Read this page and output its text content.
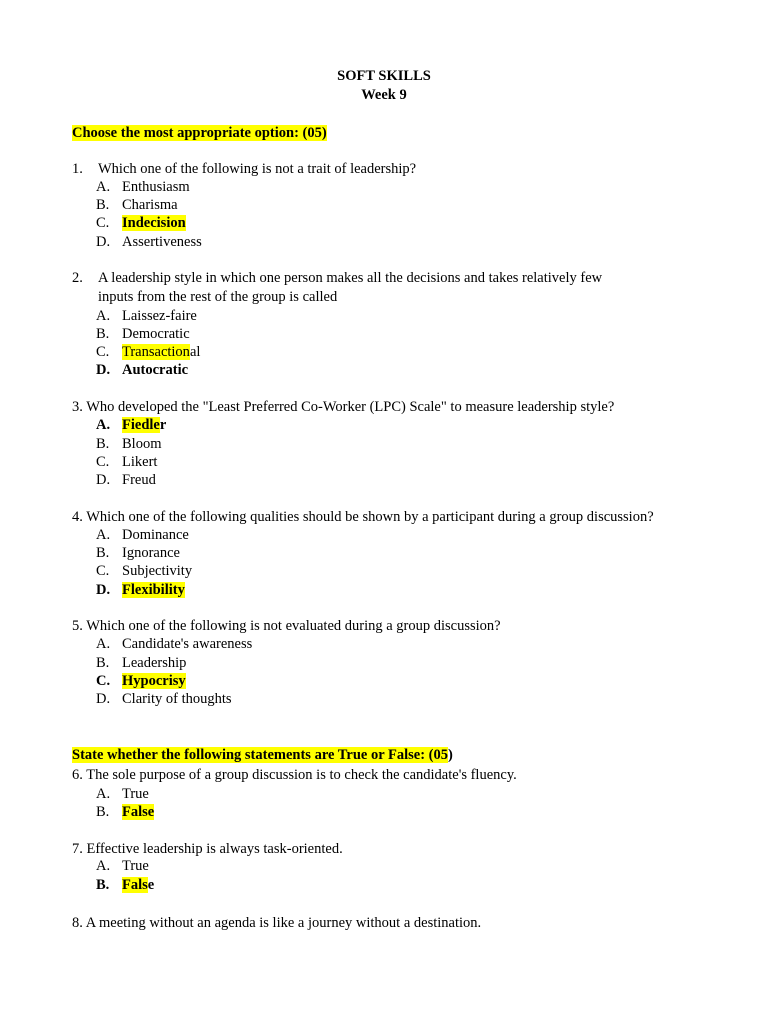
SOFT SKILLS
Week 9
Choose the most appropriate option: (05)
1. Which one of the following is not a trait of leadership?
A. Enthusiasm
B. Charisma
C. Indecision
D. Assertiveness
2. A leadership style in which one person makes all the decisions and takes relatively few
inputs from the rest of the group is called
A. Laissez-faire
B. Democratic
C. Transactional
D. Autocratic
3. Who developed the "Least Preferred Co-Worker (LPC) Scale" to measure leadership style?
A. Fiedler
B. Bloom
C. Likert
D. Freud
4. Which one of the following qualities should be shown by a participant during a group discussion?
A. Dominance
B. Ignorance
C. Subjectivity
D. Flexibility
5. Which one of the following is not evaluated during a group discussion?
A. Candidate's awareness
B. Leadership
C. Hypocrisy
D. Clarity of thoughts
State whether the following statements are True or False: (05)
6. The sole purpose of a group discussion is to check the candidate's fluency.
A. True
B. False
7. Effective leadership is always task-oriented.
A. True
B. False
8. A meeting without an agenda is like a journey without a destination.
